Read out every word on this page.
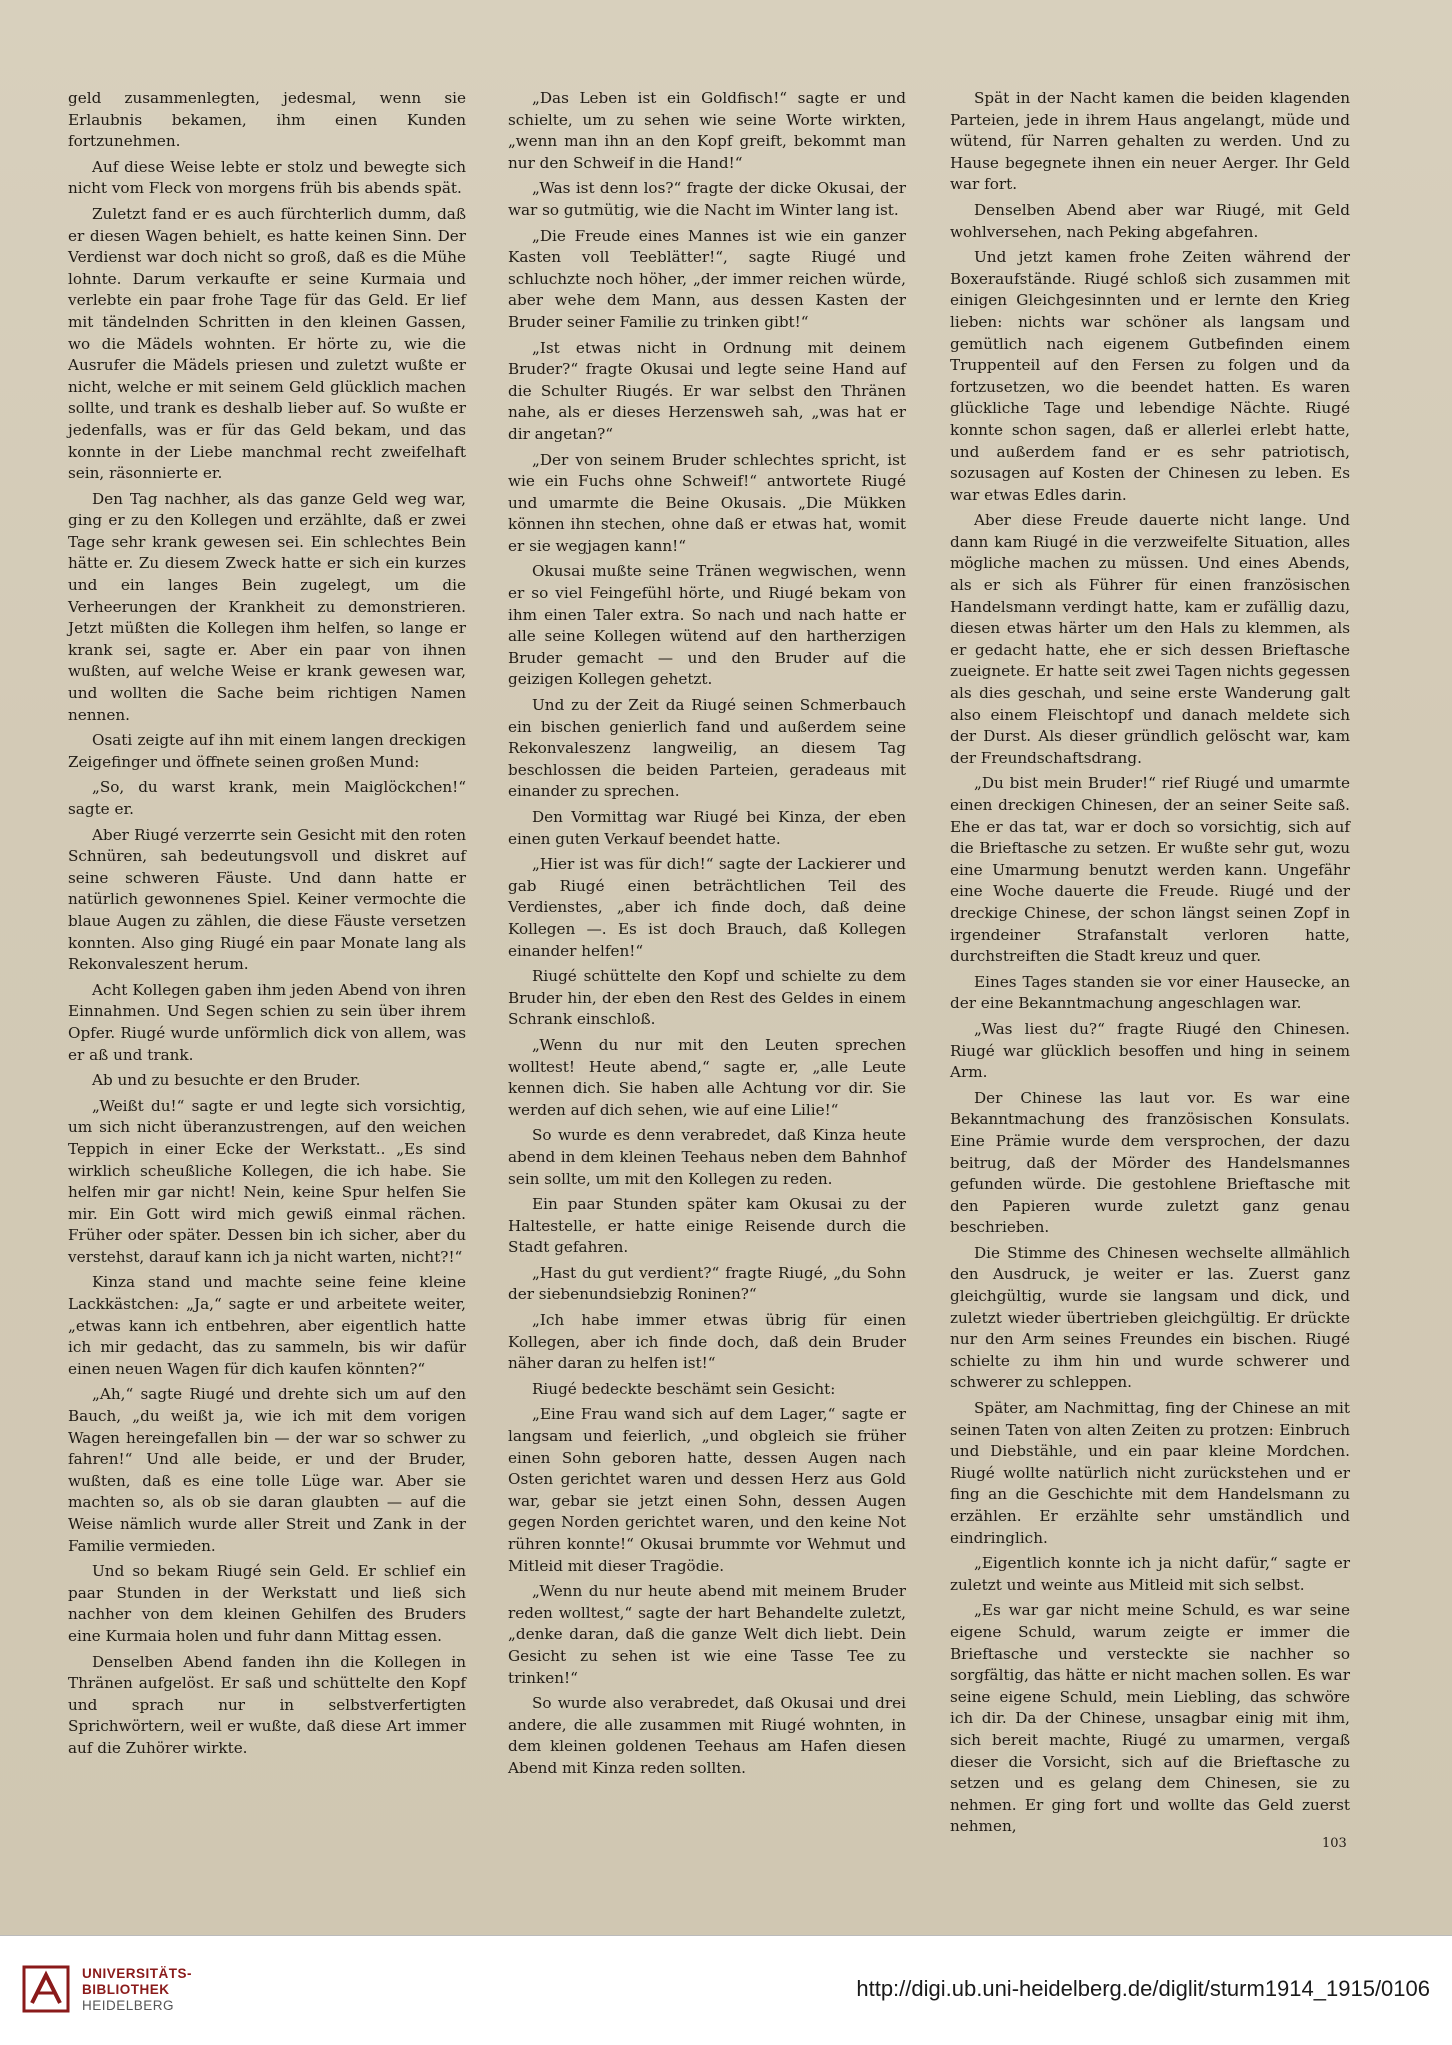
geld zusammenlegten, jedesmal, wenn sie Erlaubnis bekamen, ihm einen Kunden fortzunehmen.

Auf diese Weise lebte er stolz und bewegte sich nicht vom Fleck von morgens früh bis abends spät.

Zuletzt fand er es auch fürchterlich dumm, daß er diesen Wagen behielt, es hatte keinen Sinn. Der Verdienst war doch nicht so groß, daß es die Mühe lohnte. Darum verkaufte er seine Kurmaia und verlebte ein paar frohe Tage für das Geld. Er lief mit tändelnden Schritten in den kleinen Gassen, wo die Mädels wohnten. Er hörte zu, wie die Ausrufer die Mädels priesen und zuletzt wußte er nicht, welche er mit seinem Geld glücklich machen sollte, und trank es deshalb lieber auf. So wußte er jedenfalls, was er für das Geld bekam, und das konnte in der Liebe manchmal recht zweifelhaft sein, räsonnierte er.

Den Tag nachher, als das ganze Geld weg war, ging er zu den Kollegen und erzählte, daß er zwei Tage sehr krank gewesen sei. Ein schlechtes Bein hätte er. Zu diesem Zweck hatte er sich ein kurzes und ein langes Bein zugelegt, um die Verheerungen der Krankheit zu demonstrieren. Jetzt müßten die Kollegen ihm helfen, so lange er krank sei, sagte er. Aber ein paar von ihnen wußten, auf welche Weise er krank gewesen war, und wollten die Sache beim richtigen Namen nennen.

Osati zeigte auf ihn mit einem langen dreckigen Zeigefinger und öffnete seinen großen Mund:

„So, du warst krank, mein Maiglöckchen!“ sagte er.

Aber Riugé verzerrte sein Gesicht mit den roten Schnüren, sah bedeutungsvoll und diskret auf seine schweren Fäuste. Und dann hatte er natürlich gewonnenes Spiel. Keiner vermochte die blaue Augen zu zählen, die diese Fäuste versetzen konnten. Also ging Riugé ein paar Monate lang als Rekonvaleszent herum.

Acht Kollegen gaben ihm jeden Abend von ihren Einnahmen. Und Segen schien zu sein über ihrem Opfer. Riugé wurde unförmlich dick von allem, was er aß und trank.

Ab und zu besuchte er den Bruder.

„Weißt du!“ sagte er und legte sich vorsichtig, um sich nicht überanzustrengen, auf den weichen Teppich in einer Ecke der Werkstatt.. „Es sind wirklich scheußliche Kollegen, die ich habe. Sie helfen mir gar nicht! Nein, keine Spur helfen Sie mir. Ein Gott wird mich gewiß einmal rächen. Früher oder später. Dessen bin ich sicher, aber du verstehst, darauf kann ich ja nicht warten, nicht?!“

Kinza stand und machte seine feine kleine Lackkästchen: „Ja,“ sagte er und arbeitete weiter, „etwas kann ich entbehren, aber eigentlich hatte ich mir gedacht, das zu sammeln, bis wir dafür einen neuen Wagen für dich kaufen könnten?“

„Ah,“ sagte Riugé und drehte sich um auf den Bauch, „du weißt ja, wie ich mit dem vorigen Wagen hereingefallen bin — der war so schwer zu fahren!“ Und alle beide, er und der Bruder, wußten, daß es eine tolle Lüge war. Aber sie machten so, als ob sie daran glaubten — auf die Weise nämlich wurde aller Streit und Zank in der Familie vermieden.

Und so bekam Riugé sein Geld. Er schlief ein paar Stunden in der Werkstatt und ließ sich nachher von dem kleinen Gehilfen des Bruders eine Kurmaia holen und fuhr dann Mittag essen.

Denselben Abend fanden ihn die Kollegen in Thränen aufgelöst. Er saß und schüttelte den Kopf und sprach nur in selbstverfertigten Sprichwörtern, weil er wußte, daß diese Art immer auf die Zuhörer wirkte.

„Das Leben ist ein Goldfisch!“ sagte er und schielte, um zu sehen wie seine Worte wirkten, „wenn man ihn an den Kopf greift, bekommt man nur den Schweif in die Hand!“

„Was ist denn los?“ fragte der dicke Okusai, der war so gutmütig, wie die Nacht im Winter lang ist.

„Die Freude eines Mannes ist wie ein ganzer Kasten voll Teeblätter!“, sagte Riugé und schluchzte noch höher, „der immer reichen würde, aber wehe dem Mann, aus dessen Kasten der Bruder seiner Familie zu trinken gibt!“

„Ist etwas nicht in Ordnung mit deinem Bruder?“ fragte Okusai und legte seine Hand auf die Schulter Riugés. Er war selbst den Thränen nahe, als er dieses Herzensweh sah, „was hat er dir angetan?“

„Der von seinem Bruder schlechtes spricht, ist wie ein Fuchs ohne Schweif!“ antwortete Riugé und umarmte die Beine Okusais. „Die Mükken können ihn stechen, ohne daß er etwas hat, womit er sie wegjagen kann!“

Okusai mußte seine Tränen wegwischen, wenn er so viel Feingefühl hörte, und Riugé bekam von ihm einen Taler extra. So nach und nach hatte er alle seine Kollegen wütend auf den hartherzigen Bruder gemacht — und den Bruder auf die geizigen Kollegen gehetzt.

Und zu der Zeit da Riugé seinen Schmerbauch ein bischen genierlich fand und außerdem seine Rekonvaleszenz langweilig, an diesem Tag beschlossen die beiden Parteien, geradeaus mit einander zu sprechen.

Den Vormittag war Riugé bei Kinza, der eben einen guten Verkauf beendet hatte.

„Hier ist was für dich!“ sagte der Lackierer und gab Riugé einen beträchtlichen Teil des Verdienstes, „aber ich finde doch, daß deine Kollegen —. Es ist doch Brauch, daß Kollegen einander helfen!“

Riugé schüttelte den Kopf und schielte zu dem Bruder hin, der eben den Rest des Geldes in einem Schrank einschloß.

„Wenn du nur mit den Leuten sprechen wolltest! Heute abend,“ sagte er, „alle Leute kennen dich. Sie haben alle Achtung vor dir. Sie werden auf dich sehen, wie auf eine Lilie!“

So wurde es denn verabredet, daß Kinza heute abend in dem kleinen Teehaus neben dem Bahnhof sein sollte, um mit den Kollegen zu reden.

Ein paar Stunden später kam Okusai zu der Haltestelle, er hatte einige Reisende durch die Stadt gefahren.

„Hast du gut verdient?“ fragte Riugé, „du Sohn der siebenundsiebzig Roninen?“

„Ich habe immer etwas übrig für einen Kollegen, aber ich finde doch, daß dein Bruder näher daran zu helfen ist!“

Riugé bedeckte beschämt sein Gesicht:

„Eine Frau wand sich auf dem Lager,“ sagte er langsam und feierlich, „und obgleich sie früher einen Sohn geboren hatte, dessen Augen nach Osten gerichtet waren und dessen Herz aus Gold war, gebar sie jetzt einen Sohn, dessen Augen gegen Norden gerichtet waren, und den keine Not rühren konnte!“ Okusai brummte vor Wehmut und Mitleid mit dieser Tragödie.

„Wenn du nur heute abend mit meinem Bruder reden wolltest,“ sagte der hart Behandelte zuletzt, „denke daran, daß die ganze Welt dich liebt. Dein Gesicht zu sehen ist wie eine Tasse Tee zu trinken!“

So wurde also verabredet, daß Okusai und drei andere, die alle zusammen mit Riugé wohnten, in dem kleinen goldenen Teehaus am Hafen diesen Abend mit Kinza reden sollten.

Spät in der Nacht kamen die beiden klagenden Parteien, jede in ihrem Haus angelangt, müde und wütend, für Narren gehalten zu werden. Und zu Hause begegnete ihnen ein neuer Aerger. Ihr Geld war fort.

Denselben Abend aber war Riugé, mit Geld wohlversehen, nach Peking abgefahren.

Und jetzt kamen frohe Zeiten während der Boxeraufstände. Riugé schloß sich zusammen mit einigen Gleichgesinnten und er lernte den Krieg lieben: nichts war schöner als langsam und gemütlich nach eigenem Gutbefinden einem Truppenteil auf den Fersen zu folgen und da fortzusetzen, wo die beendet hatten. Es waren glückliche Tage und lebendige Nächte. Riugé konnte schon sagen, daß er allerlei erlebt hatte, und außerdem fand er es sehr patriotisch, sozusagen auf Kosten der Chinesen zu leben. Es war etwas Edles darin.

Aber diese Freude dauerte nicht lange. Und dann kam Riugé in die verzweifelte Situation, alles mögliche machen zu müssen. Und eines Abends, als er sich als Führer für einen französischen Handelsmann verdingt hatte, kam er zufällig dazu, diesen etwas härter um den Hals zu klemmen, als er gedacht hatte, ehe er sich dessen Brieftasche zueignete. Er hatte seit zwei Tagen nichts gegessen als dies geschah, und seine erste Wanderung galt also einem Fleischtopf und danach meldete sich der Durst. Als dieser gründlich gelöscht war, kam der Freundschaftsdrang.

„Du bist mein Bruder!“ rief Riugé und umarmte einen dreckigen Chinesen, der an seiner Seite saß. Ehe er das tat, war er doch so vorsichtig, sich auf die Brieftasche zu setzen. Er wußte sehr gut, wozu eine Umarmung benutzt werden kann. Ungefähr eine Woche dauerte die Freude. Riugé und der dreckige Chinese, der schon längst seinen Zopf in irgendeiner Strafanstalt verloren hatte, durchstreiften die Stadt kreuz und quer.

Eines Tages standen sie vor einer Hausecke, an der eine Bekanntmachung angeschlagen war.

„Was liest du?“ fragte Riugé den Chinesen. Riugé war glücklich besoffen und hing in seinem Arm.

Der Chinese las laut vor. Es war eine Bekanntmachung des französischen Konsulats. Eine Prämie wurde dem versprochen, der dazu beitrug, daß der Mörder des Handelsmannes gefunden würde. Die gestohlene Brieftasche mit den Papieren wurde zuletzt ganz genau beschrieben.

Die Stimme des Chinesen wechselte allmählich den Ausdruck, je weiter er las. Zuerst ganz gleichgültig, wurde sie langsam und dick, und zuletzt wieder übertrieben gleichgültig. Er drückte nur den Arm seines Freundes ein bischen. Riugé schielte zu ihm hin und wurde schwerer und schwerer zu schleppen.

Später, am Nachmittag, fing der Chinese an mit seinen Taten von alten Zeiten zu protzen: Einbruch und Diebstähle, und ein paar kleine Mordchen. Riugé wollte natürlich nicht zurückstehen und er fing an die Geschichte mit dem Handelsmann zu erzählen. Er erzählte sehr umständlich und eindringlich.

„Eigentlich konnte ich ja nicht dafür,“ sagte er zuletzt und weinte aus Mitleid mit sich selbst.

„Es war gar nicht meine Schuld, es war seine eigene Schuld, warum zeigte er immer die Brieftasche und versteckte sie nachher so sorgfältig, das hätte er nicht machen sollen. Es war seine eigene Schuld, mein Liebling, das schwöre ich dir. Da der Chinese, unsagbar einig mit ihm, sich bereit machte, Riugé zu umarmen, vergaß dieser die Vorsicht, sich auf die Brieftasche zu setzen und es gelang dem Chinesen, sie zu nehmen. Er ging fort und wollte das Geld zuerst nehmen,

103
UNIVERSITÄTS-
BIBLIOTHEK
HEIDELBERG
http://digi.ub.uni-heidelberg.de/diglit/sturm1914_1915/0106
